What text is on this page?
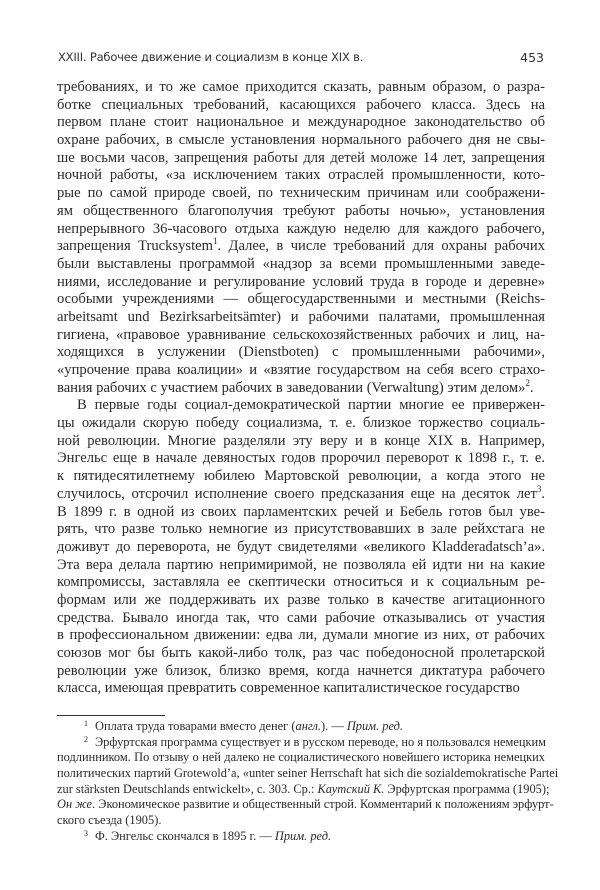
XXIII. Рабочее движение и социализм в конце XIX в.	453
требованиях, и то же самое приходится сказать, равным образом, о разра-
ботке специальных требований, касающихся рабочего класса. Здесь на
первом плане стоит национальное и международное законодательство об
охране рабочих, в смысле установления нормального рабочего дня не свы-
ше восьми часов, запрещения работы для детей моложе 14 лет, запрещения
ночной работы, «за исключением таких отраслей промышленности, кото-
рые по самой природе своей, по техническим причинам или соображени-
ям общественного благополучия требуют работы ночью», установления
непрерывного 36-часового отдыха каждую неделю для каждого рабочего,
запрещения Trucksystem$^1$. Далее, в числе требований для охраны рабочих
были выставлены программой «надзор за всеми промышленными заведе-
ниями, исследование и регулирование условий труда в городе и деревне»
особыми учреждениями — общегосударственными и местными (Reichs-
arbeitsamt und Bezirksarbeitsämter) и рабочими палатами, промышленная
гигиена, «правовое уравнивание сельскохозяйственных рабочих и лиц, на-
ходящихся в услужении (Dienstboten) с промышленными рабочими»,
«упрочение права коалиции» и «взятие государством на себя всего страхо-
вания рабочих с участием рабочих в заведовании (Verwaltung) этим делом»$^2$.
В первые годы социал-демократической партии многие ее привержен-
цы ожидали скорую победу социализма, т. е. близкое торжество социаль-
ной революции. Многие разделяли эту веру и в конце XIX в. Например,
Энгельс еще в начале девяностых годов пророчил переворот к 1898 г., т. е.
к пятидесятилетнему юбилею Мартовской революции, а когда этого не
случилось, отсрочил исполнение своего предсказания еще на десяток лет$^3$.
В 1899 г. в одной из своих парламентских речей и Бебель готов был уве-
рять, что разве только немногие из присутствовавших в зале рейхстага не
доживут до переворота, не будут свидетелями «великого Kladderadatsch’a».
Эта вера делала партию непримиримой, не позволяла ей идти ни на какие
компромиссы, заставляла ее скептически относиться и к социальным ре-
формам или же поддерживать их разве только в качестве агитационного
средства. Бывало иногда так, что сами рабочие отказывались от участия
в профессиональном движении: едва ли, думали многие из них, от рабочих
союзов мог бы быть какой-либо толк, раз час победоносной пролетарской
революции уже близок, близко время, когда начнется диктатура рабочего
класса, имеющая превратить современное капиталистическое государство
$^1$ Оплата труда товарами вместо денег (англ.). — Прим. ред.
$^2$ Эрфуртская программа существует и в русском переводе, но я пользовался немецким
подлинником. По отзыву о ней далеко не социалистического новейшего историка немецких
политических партий Grotewold’a, «unter seiner Herrschaft hat sich die sozialdemokratische Partei
zur stärksten Deutschlands entwickelt», с. 303. Ср.: Каутский К. Эрфуртская программа (1905);
Он же. Экономическое развитие и общественный строй. Комментарий к положениям эрфурт-
ского съезда (1905).
$^3$ Ф. Энгельс скончался в 1895 г. — Прим. ред.
